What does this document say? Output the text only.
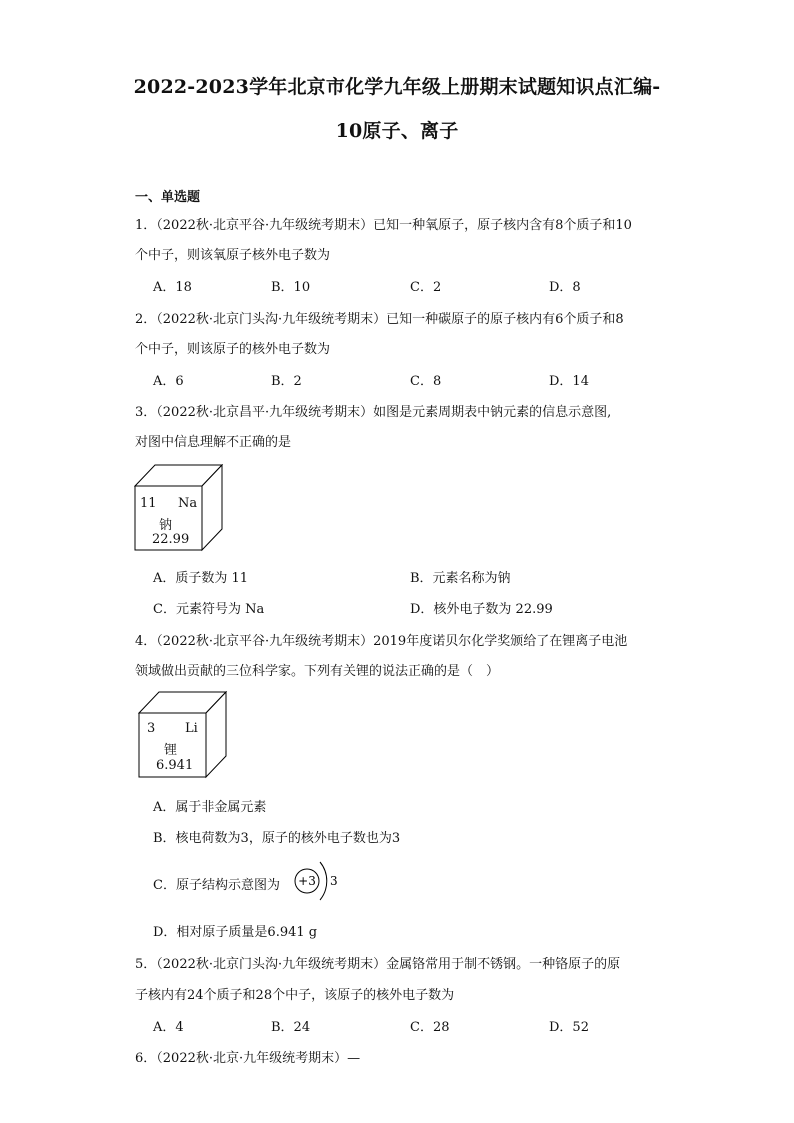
2022-2023学年北京市化学九年级上册期末试题知识点汇编-
10原子、离子
一、单选题
1．（2022秋·北京平谷·九年级统考期末）已知一种氧原子，原子核内含有8个质子和10
个中子，则该氧原子核外电子数为
A．18	B．10	C．2	D．8
2．（2022秋·北京门头沟·九年级统考期末）已知一种碳原子的原子核内有6个质子和8
个中子，则该原子的核外电子数为
A．6	B．2	C．8	D．14
3．（2022秋·北京昌平·九年级统考期末）如图是元素周期表中钠元素的信息示意图,
对图中信息理解不正确的是
11 Na
钠
22.99
A．质子数为 11	B．元素名称为钠
C．元素符号为 Na	D．核外电子数为 22.99
4．（2022秋·北京平谷·九年级统考期末）2019年度诺贝尔化学奖颁给了在锂离子电池
领域做出贡献的三位科学家。下列有关锂的说法正确的是（　）
3 Li
锂
6.941
A．属于非金属元素
B．核电荷数为3，原子的核外电子数也为3
C．原子结构示意图为 +3 3
D．相对原子质量是6.941 g
5．（2022秋·北京门头沟·九年级统考期末）金属铬常用于制不锈钢。一种铬原子的原
子核内有24个质子和28个中子，该原子的核外电子数为
A．4	B．24	C．28	D．52
6．（2022秋·北京·九年级统考期末）—
